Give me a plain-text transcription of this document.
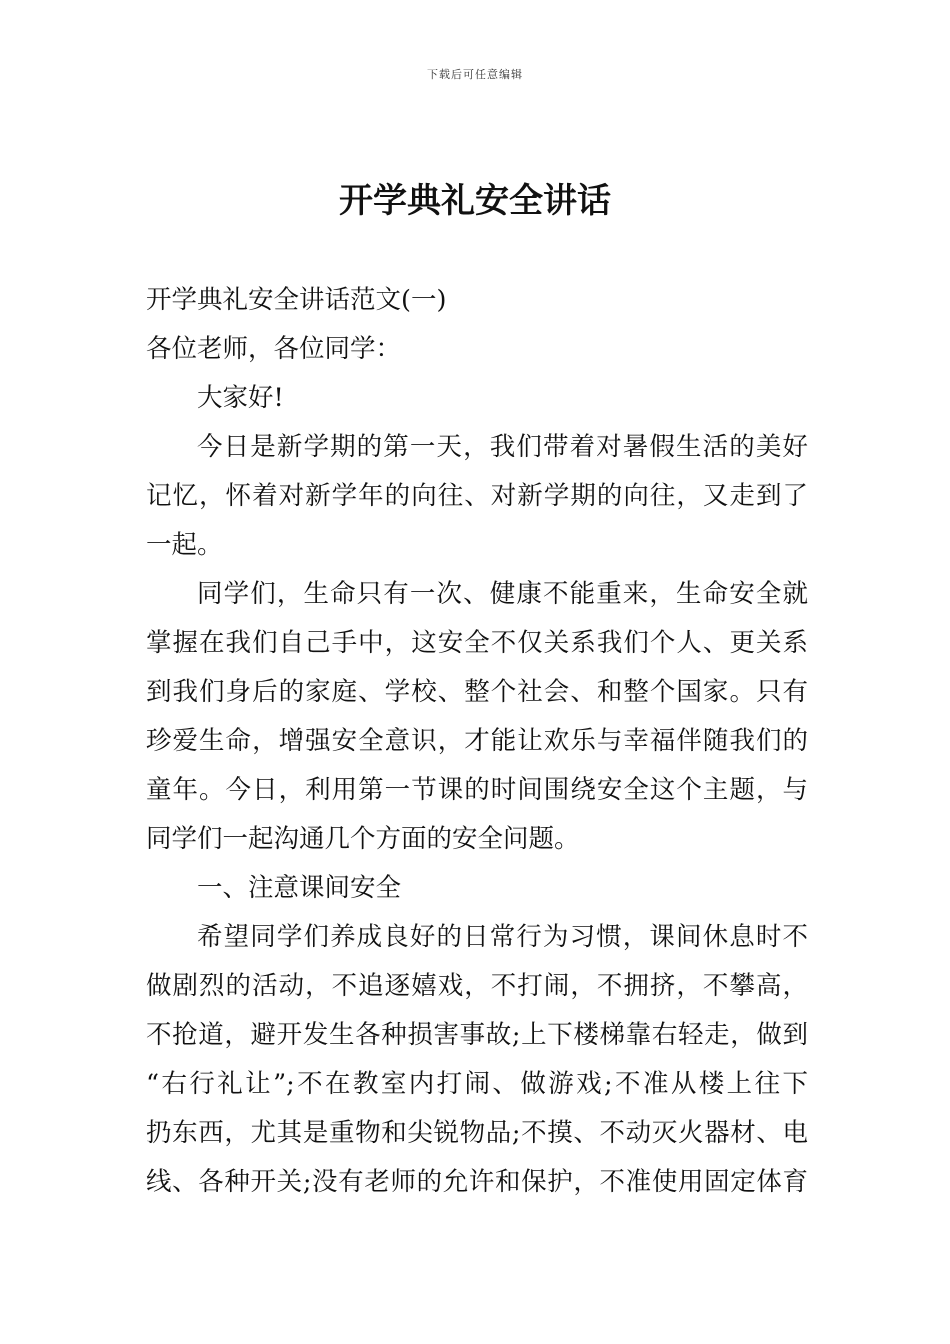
下载后可任意编辑
开学典礼安全讲话

开学典礼安全讲话范文(一)

各位老师，各位同学：

大家好!

今日是新学期的第一天，我们带着对暑假生活的美好

记忆，怀着对新学年的向往、对新学期的向往，又走到了

一起。

同学们，生命只有一次、健康不能重来，生命安全就

掌握在我们自己手中，这安全不仅关系我们个人、更关系

到我们身后的家庭、学校、整个社会、和整个国家。只有

珍爱生命，增强安全意识，才能让欢乐与幸福伴随我们的

童年。今日，利用第一节课的时间围绕安全这个主题，与

同学们一起沟通几个方面的安全问题。

一、注意课间安全

希望同学们养成良好的日常行为习惯，课间休息时不

做剧烈的活动，不追逐嬉戏，不打闹，不拥挤，不攀高，

不抢道，避开发生各种损害事故;上下楼梯靠右轻走，做到

“右行礼让”;不在教室内打闹、做游戏;不准从楼上往下

扔东西，尤其是重物和尖锐物品;不摸、不动灭火器材、电

线、各种开关;没有老师的允许和保护，不准使用固定体育
